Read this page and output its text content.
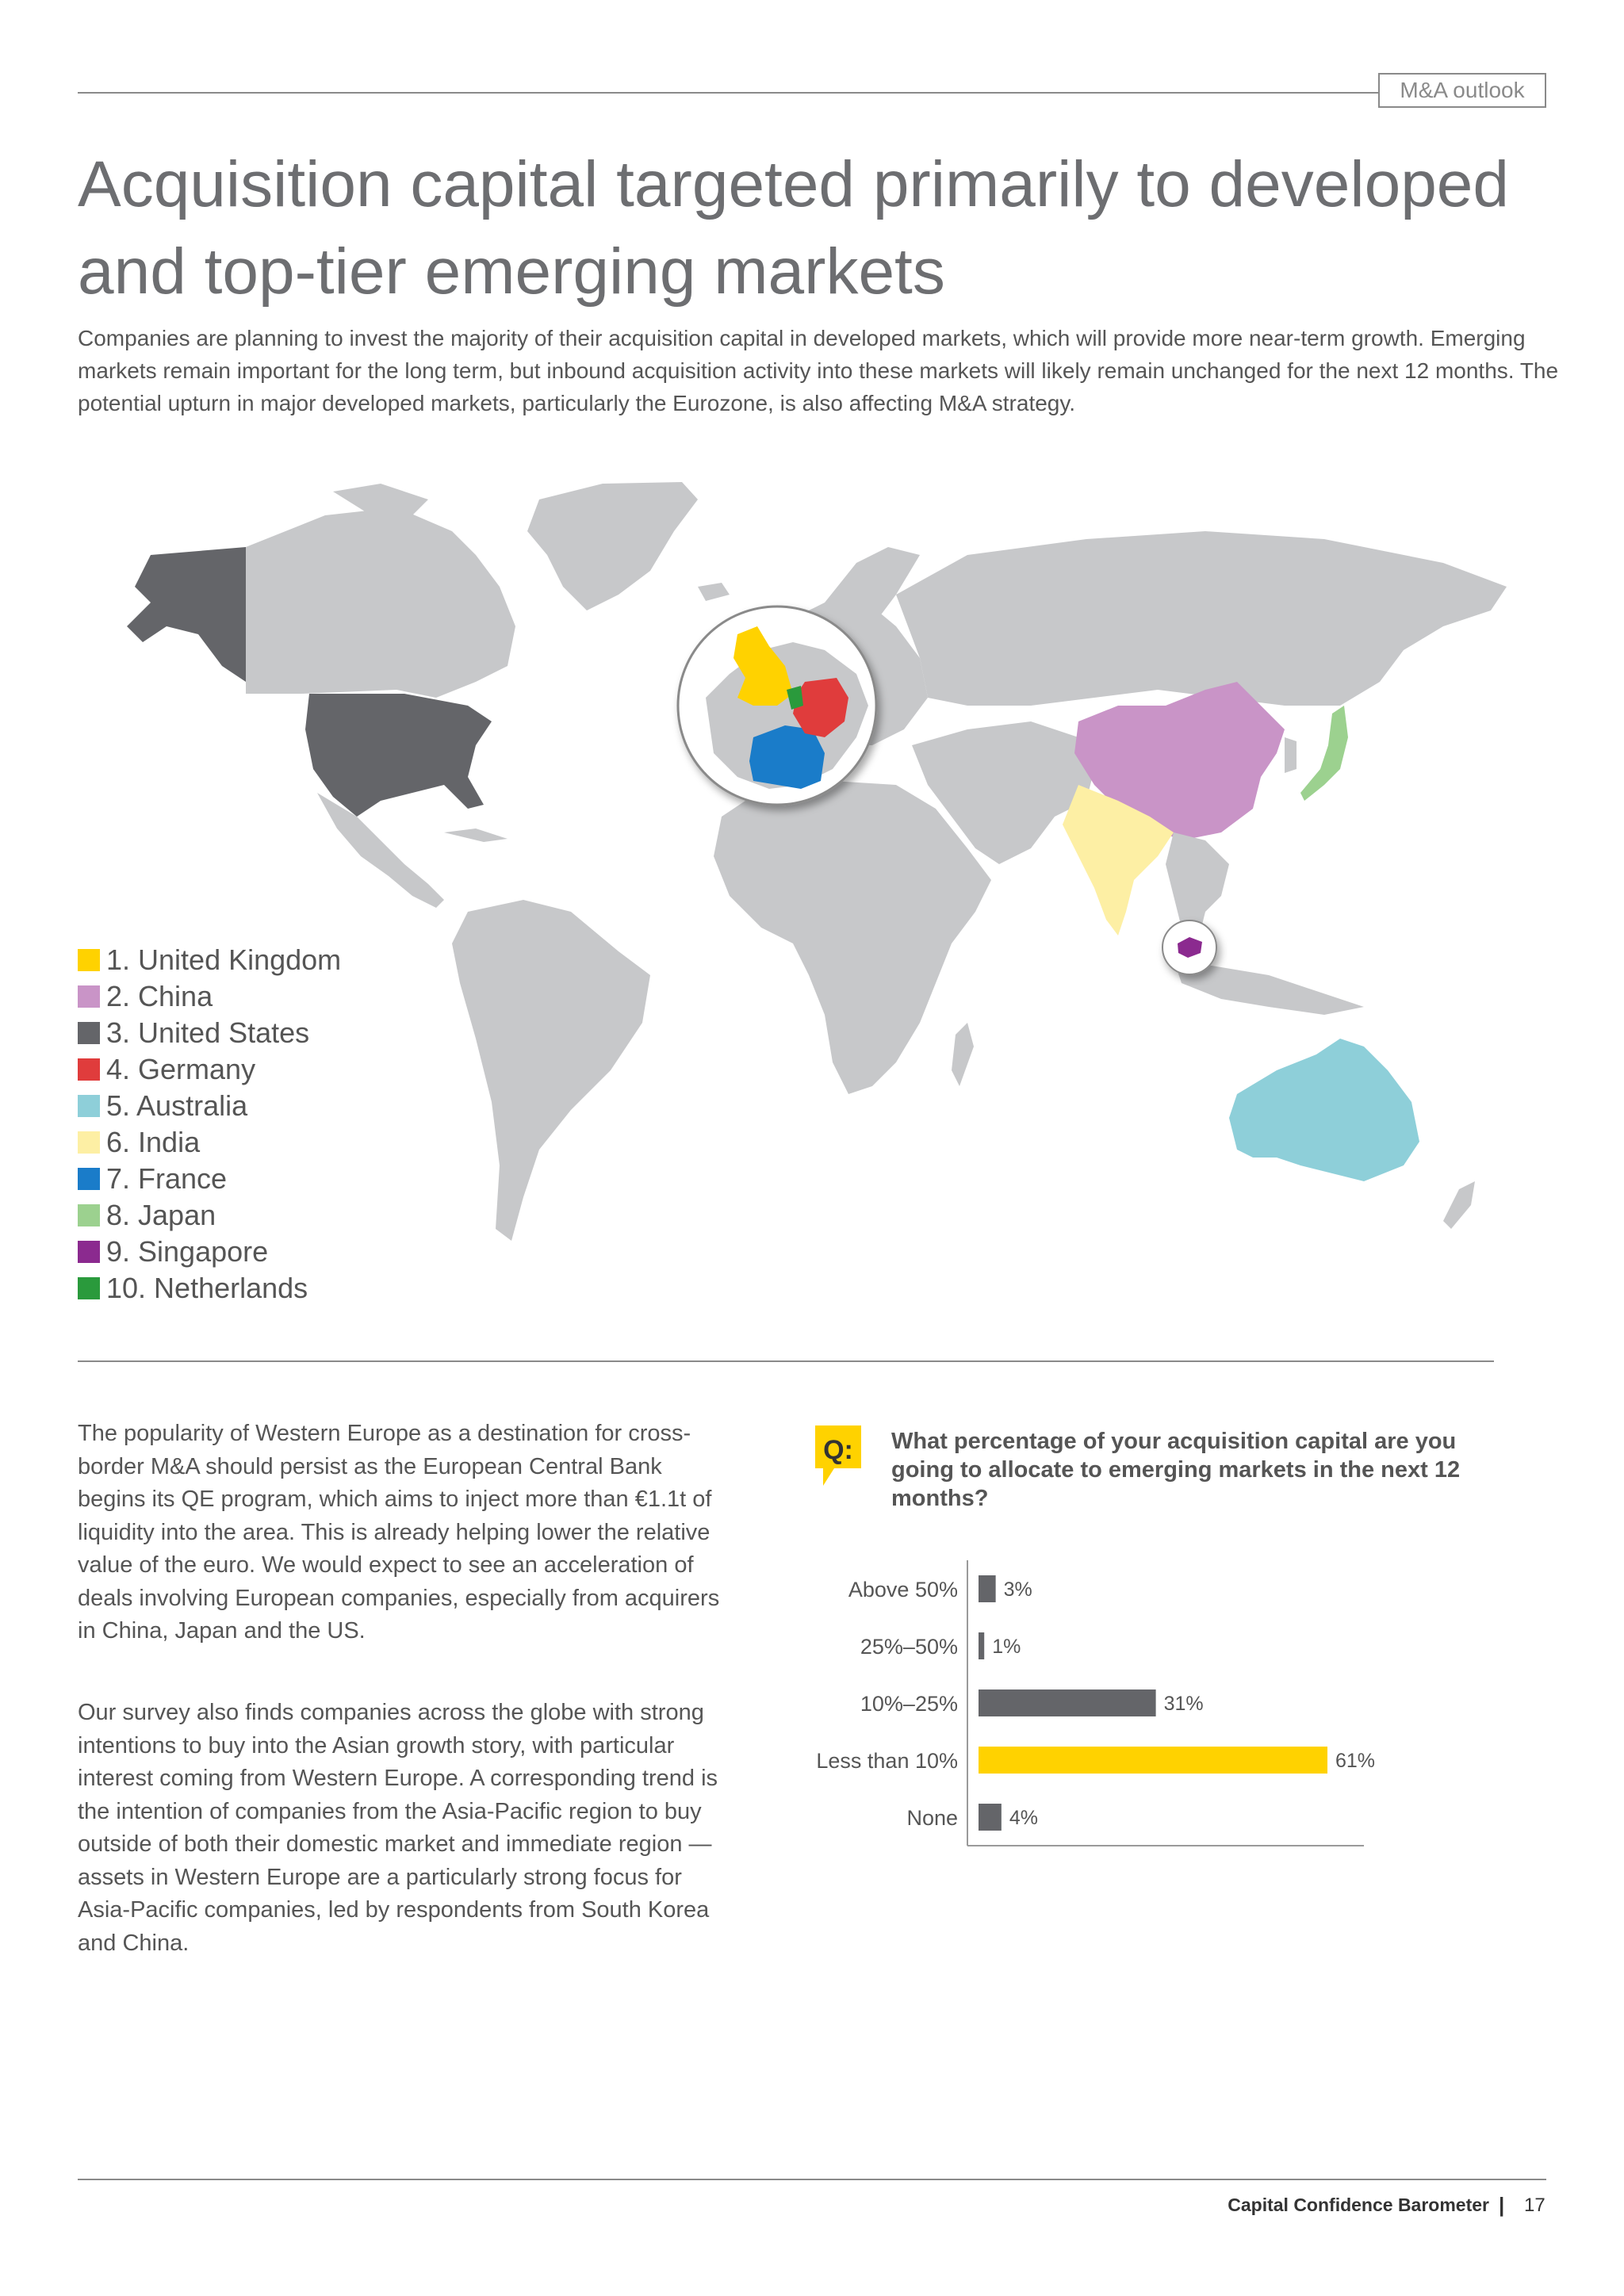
M&A outlook
Acquisition capital targeted primarily to developed and top-tier emerging markets

Companies are planning to invest the majority of their acquisition capital in developed markets, which will provide more near-term growth. Emerging markets remain important for the long term, but inbound acquisition activity into these markets will likely remain unchanged for the next 12 months. The potential upturn in major developed markets, particularly the Eurozone, is also affecting M&A strategy.

1. United Kingdom
2. China
3. United States
4. Germany
5. Australia
6. India
7. France
8. Japan
9. Singapore
10. Netherlands

The popularity of Western Europe as a destination for cross-border M&A should persist as the European Central Bank begins its QE program, which aims to inject more than €1.1t of liquidity into the area. This is already helping lower the relative value of the euro. We would expect to see an acceleration of deals involving European companies, especially from acquirers in China, Japan and the US.

Our survey also finds companies across the globe with strong intentions to buy into the Asian growth story, with particular interest coming from Western Europe. A corresponding trend is the intention of companies from the Asia-Pacific region to buy outside of both their domestic market and immediate region — assets in Western Europe are a particularly strong focus for Asia-Pacific companies, led by respondents from South Korea and China.

Q: What percentage of your acquisition capital are you going to allocate to emerging markets in the next 12 months?

Above 50% 3%
25%–50% 1%
10%–25%	31%
Less than 10%	61%
None	4%
Capital Confidence Barometer | 17
